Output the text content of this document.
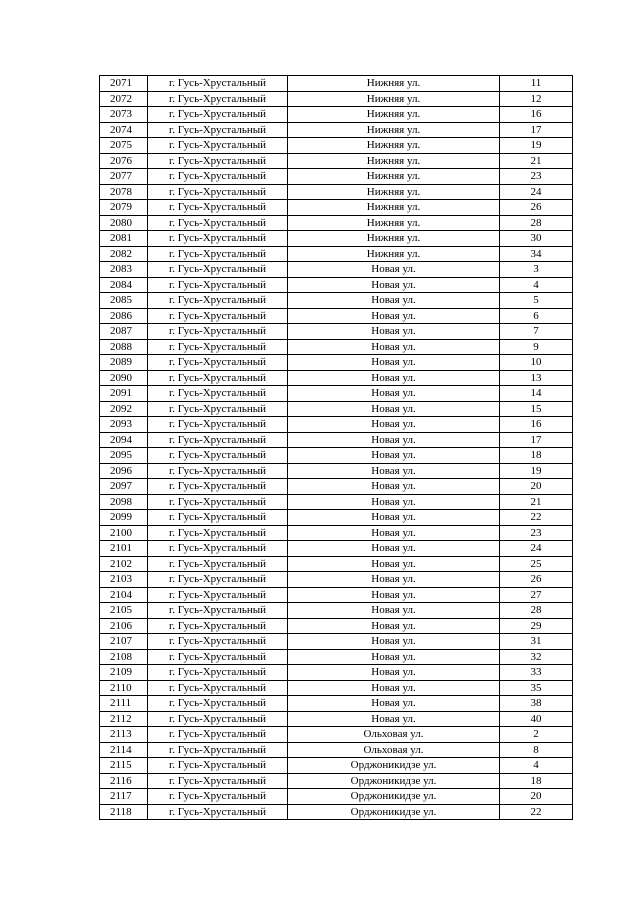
2071	г. Гусь-Хрустальный	Нижняя ул.	11
2072	г. Гусь-Хрустальный	Нижняя ул.	12
2073	г. Гусь-Хрустальный	Нижняя ул.	16
2074	г. Гусь-Хрустальный	Нижняя ул.	17
2075	г. Гусь-Хрустальный	Нижняя ул.	19
2076	г. Гусь-Хрустальный	Нижняя ул.	21
2077	г. Гусь-Хрустальный	Нижняя ул.	23
2078	г. Гусь-Хрустальный	Нижняя ул.	24
2079	г. Гусь-Хрустальный	Нижняя ул.	26
2080	г. Гусь-Хрустальный	Нижняя ул.	28
2081	г. Гусь-Хрустальный	Нижняя ул.	30
2082	г. Гусь-Хрустальный	Нижняя ул.	34
2083	г. Гусь-Хрустальный	Новая ул.	3
2084	г. Гусь-Хрустальный	Новая ул.	4
2085	г. Гусь-Хрустальный	Новая ул.	5
2086	г. Гусь-Хрустальный	Новая ул.	6
2087	г. Гусь-Хрустальный	Новая ул.	7
2088	г. Гусь-Хрустальный	Новая ул.	9
2089	г. Гусь-Хрустальный	Новая ул.	10
2090	г. Гусь-Хрустальный	Новая ул.	13
2091	г. Гусь-Хрустальный	Новая ул.	14
2092	г. Гусь-Хрустальный	Новая ул.	15
2093	г. Гусь-Хрустальный	Новая ул.	16
2094	г. Гусь-Хрустальный	Новая ул.	17
2095	г. Гусь-Хрустальный	Новая ул.	18
2096	г. Гусь-Хрустальный	Новая ул.	19
2097	г. Гусь-Хрустальный	Новая ул.	20
2098	г. Гусь-Хрустальный	Новая ул.	21
2099	г. Гусь-Хрустальный	Новая ул.	22
2100	г. Гусь-Хрустальный	Новая ул.	23
2101	г. Гусь-Хрустальный	Новая ул.	24
2102	г. Гусь-Хрустальный	Новая ул.	25
2103	г. Гусь-Хрустальный	Новая ул.	26
2104	г. Гусь-Хрустальный	Новая ул.	27
2105	г. Гусь-Хрустальный	Новая ул.	28
2106	г. Гусь-Хрустальный	Новая ул.	29
2107	г. Гусь-Хрустальный	Новая ул.	31
2108	г. Гусь-Хрустальный	Новая ул.	32
2109	г. Гусь-Хрустальный	Новая ул.	33
2110	г. Гусь-Хрустальный	Новая ул.	35
2111	г. Гусь-Хрустальный	Новая ул.	38
2112	г. Гусь-Хрустальный	Новая ул.	40
2113	г. Гусь-Хрустальный	Ольховая ул.	2
2114	г. Гусь-Хрустальный	Ольховая ул.	8
2115	г. Гусь-Хрустальный	Орджоникидзе ул.	4
2116	г. Гусь-Хрустальный	Орджоникидзе ул.	18
2117	г. Гусь-Хрустальный	Орджоникидзе ул.	20
2118	г. Гусь-Хрустальный	Орджоникидзе ул.	22
